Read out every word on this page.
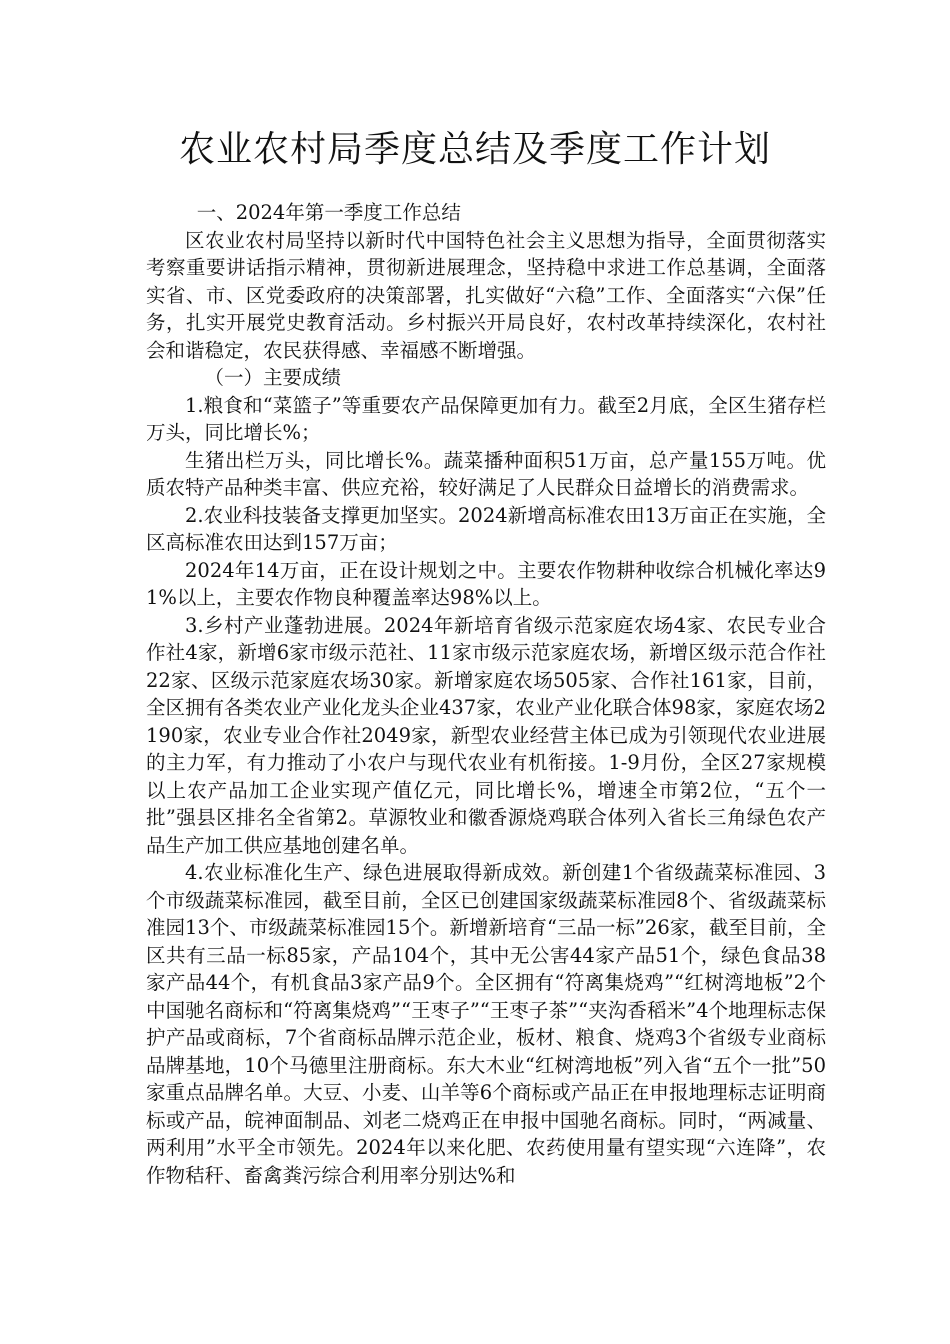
农业农村局季度总结及季度工作计划

一、2024年第一季度工作总结

区农业农村局坚持以新时代中国特色社会主义思想为指导，全面贯彻落实考察重要讲话指示精神，贯彻新进展理念，坚持稳中求进工作总基调，全面落实省、市、区党委政府的决策部署，扎实做好“六稳”工作、全面落实“六保”任务，扎实开展党史教育活动。乡村振兴开局良好，农村改革持续深化，农村社会和谐稳定，农民获得感、幸福感不断增强。

（一）主要成绩

1.粮食和“菜篮子”等重要农产品保障更加有力。截至2月底，全区生猪存栏万头，同比增长%；

生猪出栏万头，同比增长%。蔬菜播种面积51万亩，总产量155万吨。优质农特产品种类丰富、供应充裕，较好满足了人民群众日益增长的消费需求。

2.农业科技装备支撑更加坚实。2024新增高标准农田13万亩正在实施，全区高标准农田达到157万亩；

2024年14万亩，正在设计规划之中。主要农作物耕种收综合机械化率达91%以上，主要农作物良种覆盖率达98%以上。

3.乡村产业蓬勃进展。2024年新培育省级示范家庭农场4家、农民专业合作社4家，新增6家市级示范社、11家市级示范家庭农场，新增区级示范合作社22家、区级示范家庭农场30家。新增家庭农场505家、合作社161家，目前，全区拥有各类农业产业化龙头企业437家，农业产业化联合体98家，家庭农场2190家，农业专业合作社2049家，新型农业经营主体已成为引领现代农业进展的主力军，有力推动了小农户与现代农业有机衔接。1-9月份，全区27家规模以上农产品加工企业实现产值亿元，同比增长%，增速全市第2位，“五个一批”强县区排名全省第2。草源牧业和徽香源烧鸡联合体列入省长三角绿色农产品生产加工供应基地创建名单。

4.农业标准化生产、绿色进展取得新成效。新创建1个省级蔬菜标准园、3个市级蔬菜标准园，截至目前，全区已创建国家级蔬菜标准园8个、省级蔬菜标准园13个、市级蔬菜标准园15个。新增新培育“三品一标”26家，截至目前，全区共有三品一标85家，产品104个，其中无公害44家产品51个，绿色食品38家产品44个，有机食品3家产品9个。全区拥有“符离集烧鸡”“红树湾地板”2个中国驰名商标和“符离集烧鸡”“王枣子”“王枣子茶”“夹沟香稻米”4个地理标志保护产品或商标，7个省商标品牌示范企业，板材、粮食、烧鸡3个省级专业商标品牌基地，10个马德里注册商标。东大木业“红树湾地板”列入省“五个一批”50家重点品牌名单。大豆、小麦、山羊等6个商标或产品正在申报地理标志证明商标或产品，皖神面制品、刘老二烧鸡正在申报中国驰名商标。同时，“两减量、两利用”水平全市领先。2024年以来化肥、农药使用量有望实现“六连降”，农作物秸秆、畜禽粪污综合利用率分别达%和
